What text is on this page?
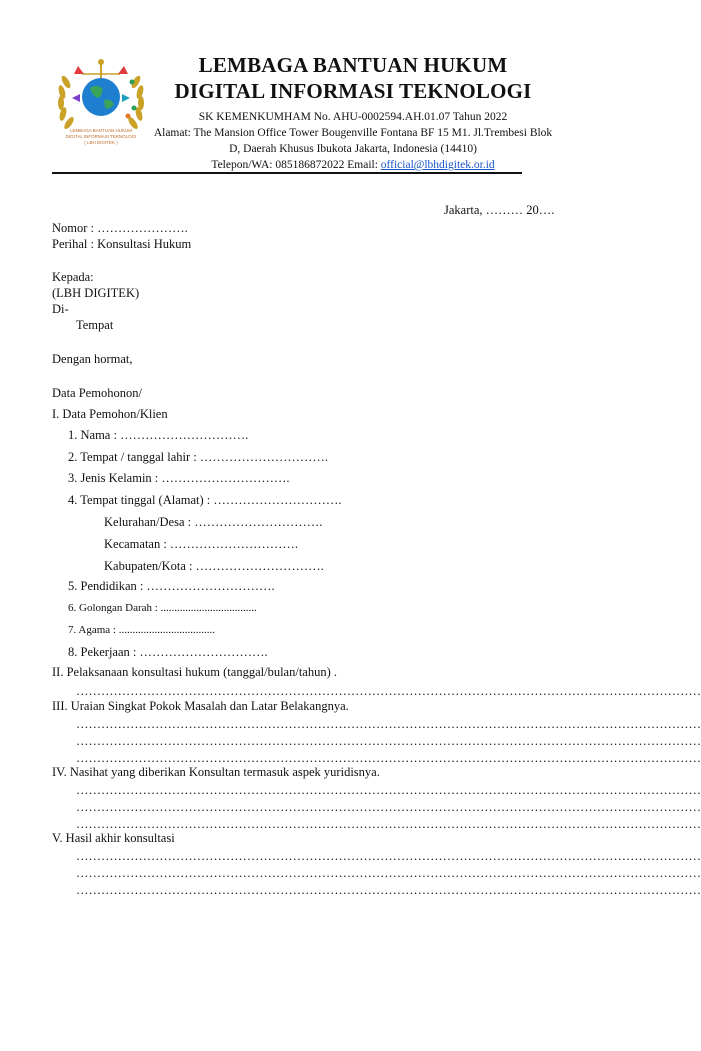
LEMBAGA BANTUAN HUKUM
DIGITAL INFORMASI TEKNOLOGI
( LBH DIGITEK )
LEMBAGA BANTUAN HUKUM
DIGITAL INFORMASI TEKNOLOGI
SK KEMENKUMHAM No. AHU-0002594.AH.01.07 Tahun 2022
Alamat: The Mansion Office Tower Bougenville Fontana BF 15 M1. Jl.Trembesi Blok
D, Daerah Khusus Ibukota Jakarta, Indonesia (14410)
Telepon/WA: 085186872022 Email: official@lbhdigitek.or.id
Jakarta, ……… 20….
Nomor : ………………….
Perihal : Konsultasi Hukum
Kepada:
(LBH DIGITEK)
Di-
Tempat
Dengan hormat,
Data Pemohonon/
I. Data Pemohon/Klien
1. Nama : ………………………….
2. Tempat / tanggal lahir : ………………………….
3. Jenis Kelamin : ………………………….
4. Tempat tinggal (Alamat) : ………………………….
Kelurahan/Desa : ………………………….
Kecamatan : ………………………….
Kabupaten/Kota : ………………………….
5. Pendidikan : ………………………….
6. Golongan Darah : ...................................
7. Agama : ...................................
8. Pekerjaan : ………………………….
II. Pelaksanaan konsultasi hukum (tanggal/bulan/tahun) .
……………………………………………………………………………………………………………………………………
III. Uraian Singkat Pokok Masalah dan Latar Belakangnya.
……………………………………………………………………………………………………………………………………
……………………………………………………………………………………………………………………………………
……………………………………………………………………………………………………………………………………
IV. Nasihat yang diberikan Konsultan termasuk aspek yuridisnya.
……………………………………………………………………………………………………………………………………
……………………………………………………………………………………………………………………………………
……………………………………………………………………………………………………………………………………
V. Hasil akhir konsultasi
……………………………………………………………………………………………………………………………………
……………………………………………………………………………………………………………………………………
……………………………………………………………………………………………………………………………………
